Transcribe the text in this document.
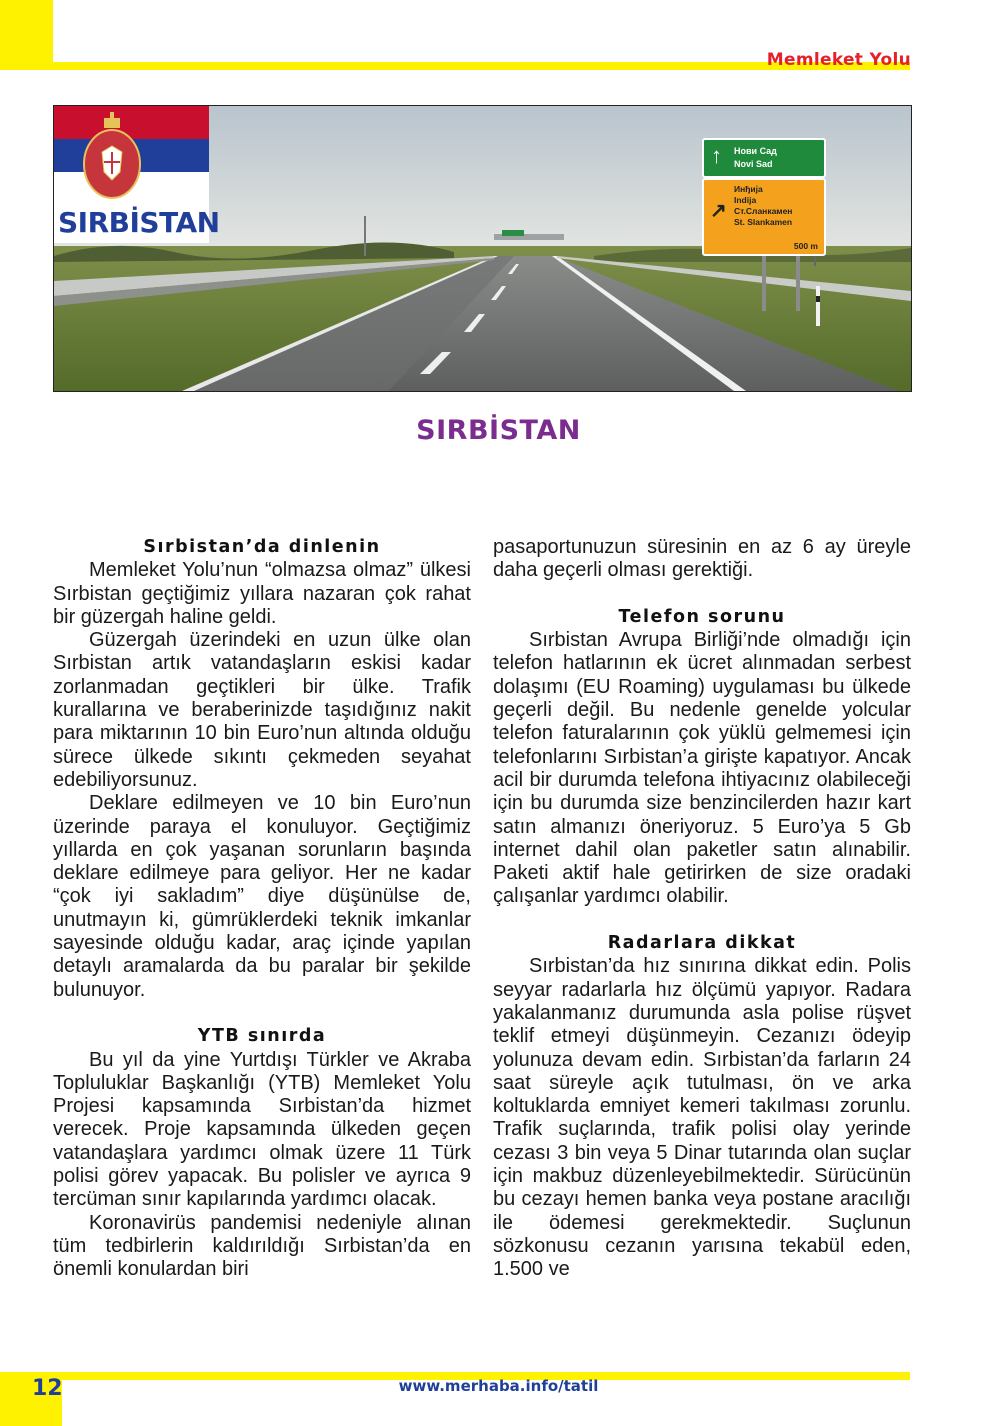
Memleket Yolu
SIRBİSTAN
↑ Нови Сад
Novi Sad
↗
Инђија
Indija
Ст.Сланкамен
St. Slankamen
500 m
SIRBİSTAN
Sırbistan’da dinlenin

Memleket Yolu’nun “olmazsa olmaz” ülkesi Sırbistan geçtiğimiz yıllara nazaran çok rahat bir güzergah haline geldi.

Güzergah üzerindeki en uzun ülke olan Sırbistan artık vatandaşların eskisi kadar zorlanmadan geçtikleri bir ülke. Trafik kurallarına ve beraberinizde taşıdığınız nakit para miktarının 10 bin Euro’nun altında olduğu sürece ülkede sıkıntı çekmeden seyahat edebiliyorsunuz.

Deklare edilmeyen ve 10 bin Euro’nun üzerinde paraya el konuluyor. Geçtiğimiz yıllarda en çok yaşanan sorunların başında deklare edilmeye para geliyor. Her ne kadar “çok iyi sakladım” diye düşünülse de, unutmayın ki, gümrüklerdeki teknik imkanlar sayesinde olduğu kadar, araç içinde yapılan detaylı aramalarda da bu paralar bir şekilde bulunuyor.

YTB sınırda

Bu yıl da yine Yurtdışı Türkler ve Akraba Topluluklar Başkanlığı (YTB) Memleket Yolu Projesi kapsamında Sırbistan’da hizmet verecek. Proje kapsamında ülkeden geçen vatandaşlara yardımcı olmak üzere 11 Türk polisi görev yapacak. Bu polisler ve ayrıca 9 tercüman sınır kapılarında yardımcı olacak.

Koronavirüs pandemisi nedeniyle alınan tüm tedbirlerin kaldırıldığı Sırbistan’da en önemli konulardan biri

pasaportunuzun süresinin en az 6 ay üreyle daha geçerli olması gerektiği.

Telefon sorunu

Sırbistan Avrupa Birliği’nde olmadığı için telefon hatlarının ek ücret alınmadan serbest dolaşımı (EU Roaming) uygulaması bu ülkede geçerli değil. Bu nedenle genelde yolcular telefon faturalarının çok yüklü gelmemesi için telefonlarını Sırbistan’a girişte kapatıyor. Ancak acil bir durumda telefona ihtiyacınız olabileceği için bu durumda size benzincilerden hazır kart satın almanızı öneriyoruz. 5 Euro’ya 5 Gb internet dahil olan paketler satın alınabilir. Paketi aktif hale getirirken de size oradaki çalışanlar yardımcı olabilir.

Radarlara dikkat

Sırbistan’da hız sınırına dikkat edin. Polis seyyar radarlarla hız ölçümü yapıyor. Radara yakalanmanız durumunda asla polise rüşvet teklif etmeyi düşünmeyin. Cezanızı ödeyip yolunuza devam edin. Sırbistan’da farların 24 saat süreyle açık tutulması, ön ve arka koltuklarda emniyet kemeri takılması zorunlu. Trafik suçlarında, trafik polisi olay yerinde cezası 3 bin veya 5 Dinar tutarında olan suçlar için makbuz düzenleyebilmektedir. Sürücünün bu cezayı hemen banka veya postane aracılığı ile ödemesi gerekmektedir. Suçlunun sözkonusu cezanın yarısına tekabül eden, 1.500 ve

12	www.merhaba.info/tatil
